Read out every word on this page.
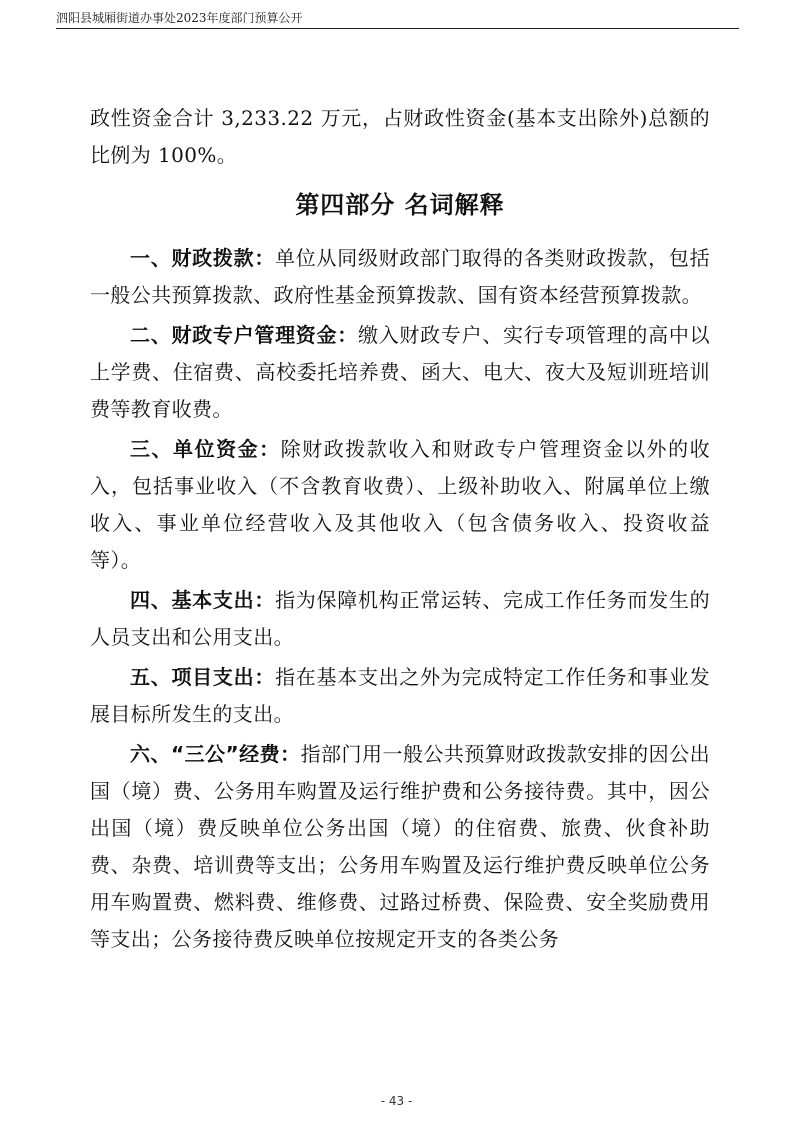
泗阳县城厢街道办事处2023年度部门预算公开

政性资金合计 3,233.22 万元，占财政性资金(基本支出除外)总额的比例为 100%。

第四部分 名词解释

一、财政拨款：单位从同级财政部门取得的各类财政拨款，包括一般公共预算拨款、政府性基金预算拨款、国有资本经营预算拨款。

二、财政专户管理资金：缴入财政专户、实行专项管理的高中以上学费、住宿费、高校委托培养费、函大、电大、夜大及短训班培训费等教育收费。

三、单位资金：除财政拨款收入和财政专户管理资金以外的收入，包括事业收入（不含教育收费）、上级补助收入、附属单位上缴收入、事业单位经营收入及其他收入（包含债务收入、投资收益等）。

四、基本支出：指为保障机构正常运转、完成工作任务而发生的人员支出和公用支出。

五、项目支出：指在基本支出之外为完成特定工作任务和事业发展目标所发生的支出。

六、“三公”经费：指部门用一般公共预算财政拨款安排的因公出国（境）费、公务用车购置及运行维护费和公务接待费。其中，因公出国（境）费反映单位公务出国（境）的住宿费、旅费、伙食补助费、杂费、培训费等支出；公务用车购置及运行维护费反映单位公务用车购置费、燃料费、维修费、过路过桥费、保险费、安全奖励费用等支出；公务接待费反映单位按规定开支的各类公务

- 43 -
